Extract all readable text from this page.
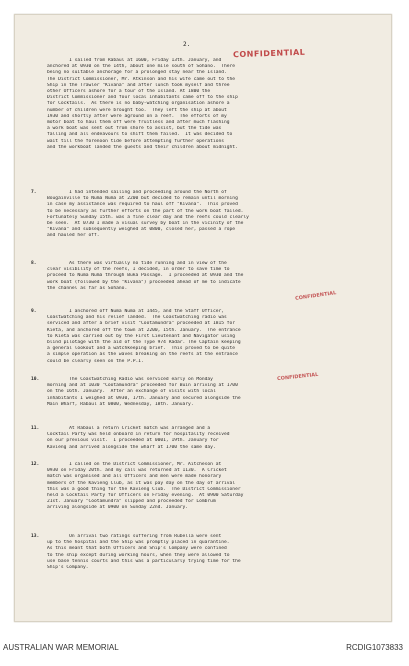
2.
CONFIDENTIAL
CONFIDENTIAL
CONFIDENTIAL
I sailed from Rabaul at 1600, Friday 13th. January, and
anchored at 0930 on the 14th, about one mile south of Sohano.  There
being no suitable anchorage for a prolonged stay near the Island.
The District Commissioner, Mr. Atkinson and his wife came out to the
Ship in the Trawler "Kivana" and after lunch took myself and three
other Officers ashore for a tour of the Island. At 1800 the
District Commissioner and four local inhabitants came off to the ship
for Cocktails.  As there is no baby-watching organisation ashore a
number of children were brought too.  They left the ship at about
1930 and shortly after were aground on a reef.  The efforts of my
motor boat to haul them off were fruitless and after much flashing
a work boat was sent out from shore to assist, but the tide was
falling and all endeavours to shift them failed.  It was decided to
wait till the forenoon tide before attempting further operations
and the workboat landed the guests and their children about midnight.
7. I had intended sailing and proceeding around the North of
Bougainville to Numa Numa at 2200 but decided to remain until morning
in case my assistance was required to haul off "Kivana".  This proved
to be necessary as further efforts on the part of the work boat failed.
Fortunately Sunday 15th. was a fine clear day and the reefs could clearly
be seen.  At 0730 I made a visual survey by boat in the vicinity of the
"Kivana" and subsequently weighed at 0800, closed her, passed a rope
and hauled her off.
8. As there was virtually no tide running and in view of the
clear visibility of the reefs, I decided, in order to save time to
proceed to Numa Numa through Buka Passage.  I proceeded at 0930 and the
work boat (followed by the "Kivana") proceeded ahead of me to indicate
the channel as far as Sohano.
9. I anchored off Numa Numa at 1445, and the Staff Officer,
Coastwatching and his relief landed.  The Coastwatching radio was
serviced and after a brief visit "Cootamundra" proceeded at 1815 for
Kieta, and anchored off the town at 2200, 15th. January.  The entrance
to Kieta was carried out by the First Lieutenant and Navigator using
blind pilotage with the aid of the Type 974 Radar. The Captain keeping
a general lookout and a watchkeeping brief.  This proved to be quite
a simple operation as the waves breaking on the reefs at the entrance
could be clearly seen on the P.P.I.
10. The Coastwatching Radio was serviced early on Monday
morning and at 1030 "Cootamundra" proceeded for Buin arriving at 1700
on the 16th. January.  After an exchange of visits with local
inhabitants I weighed at 0930, 17th. January and secured alongside the
Main Wharf, Rabaul at 0800, Wednesday, 18th. January.
11. At Rabaul a return Cricket match was arranged and a
Cocktail Party was held onboard in return for hospitality received
on our previous visit.  I proceeded at 0001, 19th. January for
Kavieng and arrived alongside the wharf at 1700 the same day.
12. I called on the District Commissioner, Mr. Aitcheson at
0930 on Friday 20th. and my call was returned at 1130.  A Cricket
match was organised and all Officers and men were made honorary
members of the Kavieng Club, as it was pay day on the day of arrival
this was a good thing for the Kavieng Club.  The District Commissioner
held a Cocktail Party for Officers on Friday evening.  At 0900 Saturday
21st. January "Cootamundra" slipped and proceeded for Lombrum
arriving alongside at 0900 on Sunday 22nd. January.
13. On arrival two ratings suffering from Rubella were sent
up to the hospital and the Ship was promptly placed in quarantine.
As this meant that both Officers and Ship's Company were confined
to the ship except during working hours, when they were allowed to
use base tennis courts and this was a particularly trying time for the
Ship's Company.
AUSTRALIAN WAR MEMORIAL	RCDIG1073833
